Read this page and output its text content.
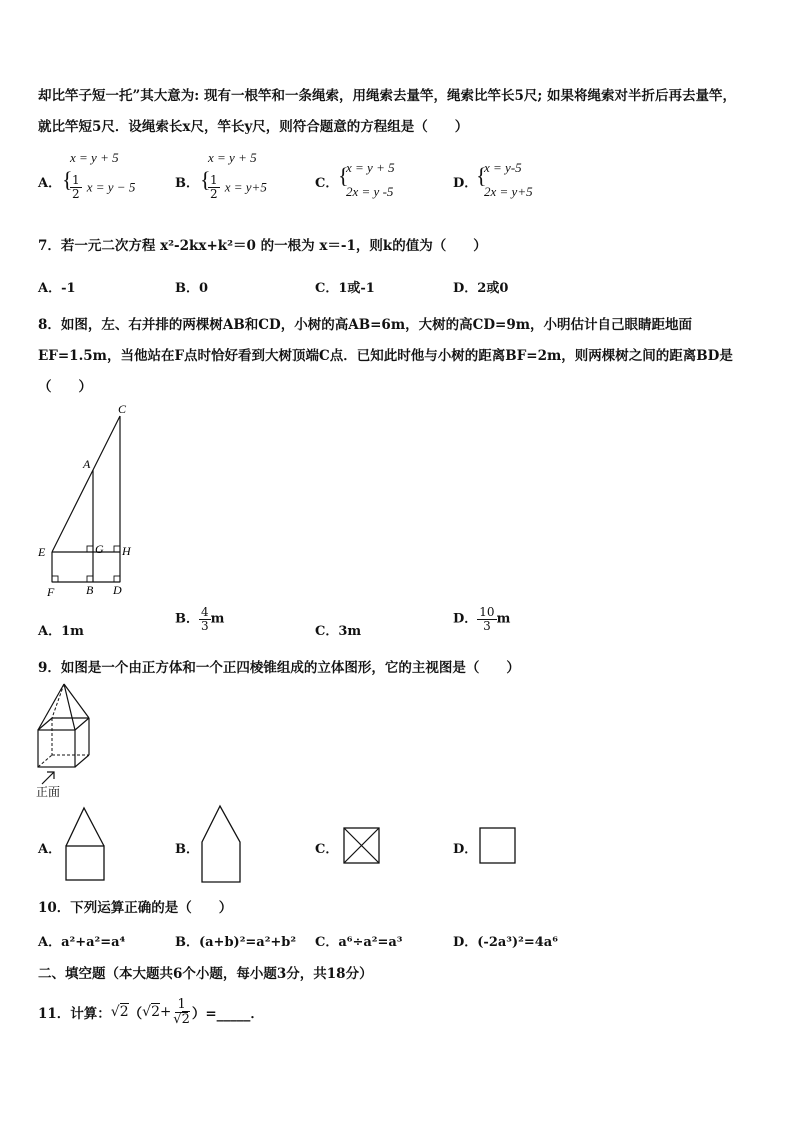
却比竿子短一托”其大意为: 现有一根竿和一条绳索，用绳索去量竿，绳索比竿长5尺; 如果将绳索对半折后再去量竿，
就比竿短5尺．设绳索长x尺，竿长y尺，则符合题意的方程组是（　　）
A． {
x = y + 5
$\frac{1}{2}$ x = y − 5	B． {
x = y + 5
$\frac{1}{2}$ x = y+5	C． {
x = y + 5
2x = y -5
D．
{
x = y-5
2x = y+5
7．若一元二次方程 x²-2kx+k²＝0 的一根为 x＝-1，则k的值为（　　）
A．-1	B．0	C．1或-1	D．2或0
8．如图，左、右并排的两棵树AB和CD，小树的高AB=6m，大树的高CD=9m，小明估计自己眼睛距地面
EF=1.5m，当他站在F点时恰好看到大树顶端C点．已知此时他与小树的距离BF=2m，则两棵树之间的距离BD是
（　　）
C
A
E	G H
F	B D
A．1m
B． $\frac{4}{3}$ m
C．3m
D． $\frac{10}{3}$ m
9．如图是一个由正方体和一个正四棱锥组成的立体图形，它的主视图是（　　）
正面
A．	B．	C．	D．
10．下列运算正确的是（　　）
A．a²+a²=a⁴	B．(a+b)²=a²+b² C．a⁶÷a²=a³	D．(-2a³)²=4a⁶
二、填空题（本大题共6个小题，每小题3分，共18分）
11．计算： √2 （ $√2 + \frac{1}{√2}$ ） =_____．
